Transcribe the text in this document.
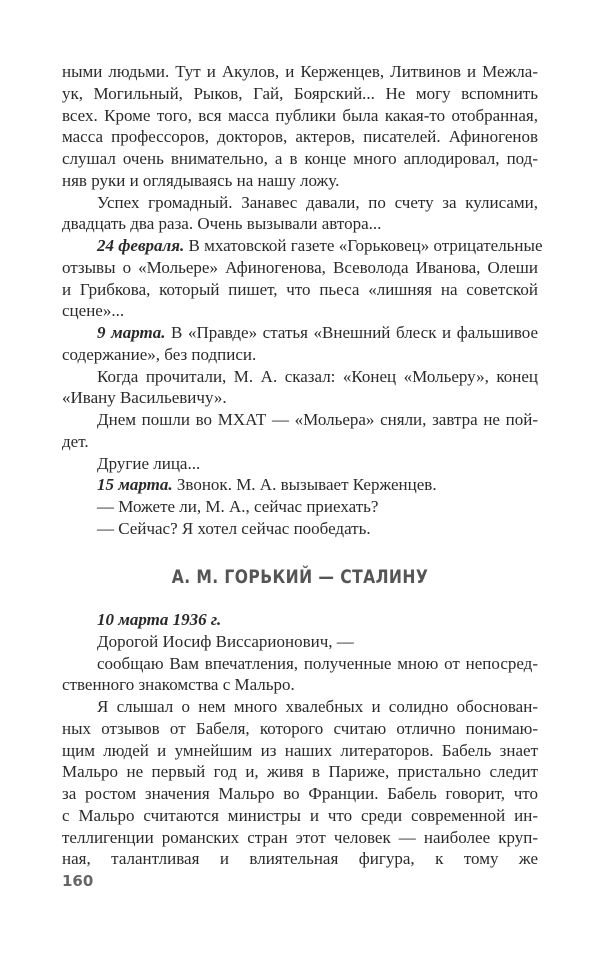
ными людьми. Тут и Акулов, и Керженцев, Литвинов и Межла-
ук, Могильный, Рыков, Гай, Боярский... Не могу вспомнить
всех. Кроме того, вся масса публики была какая-то отобранная,
масса профессоров, докторов, актеров, писателей. Афиногенов
слушал очень внимательно, а в конце много аплодировал, под-
няв руки и оглядываясь на нашу ложу.
Успех громадный. Занавес давали, по счету за кулисами,
двадцать два раза. Очень вызывали автора...
24 февраля. В мхатовской газете «Горьковец» отрицательные
отзывы о «Мольере» Афиногенова, Всеволода Иванова, Олеши
и Грибкова, который пишет, что пьеса «лишняя на советской
сцене»...
9 марта. В «Правде» статья «Внешний блеск и фальшивое
содержание», без подписи.
Когда прочитали, М. А. сказал: «Конец «Мольеру», конец
«Ивану Васильевичу».
Днем пошли во МХАТ — «Мольера» сняли, завтра не пой-
дет.
Другие лица...
15 марта. Звонок. М. А. вызывает Керженцев.
— Можете ли, М. А., сейчас приехать?
— Сейчас? Я хотел сейчас пообедать.
А. М. ГОРЬКИЙ — СТАЛИНУ
10 марта 1936 г.
Дорогой Иосиф Виссарионович, —
сообщаю Вам впечатления, полученные мною от непосред-
ственного знакомства с Мальро.
Я слышал о нем много хвалебных и солидно обоснован-
ных отзывов от Бабеля, которого считаю отлично понимаю-
щим людей и умнейшим из наших литераторов. Бабель знает
Мальро не первый год и, живя в Париже, пристально следит
за ростом значения Мальро во Франции. Бабель говорит, что
с Мальро считаются министры и что среди современной ин-
теллигенции романских стран этот человек — наиболее круп-
ная, талантливая и влиятельная фигура, к тому же
160
